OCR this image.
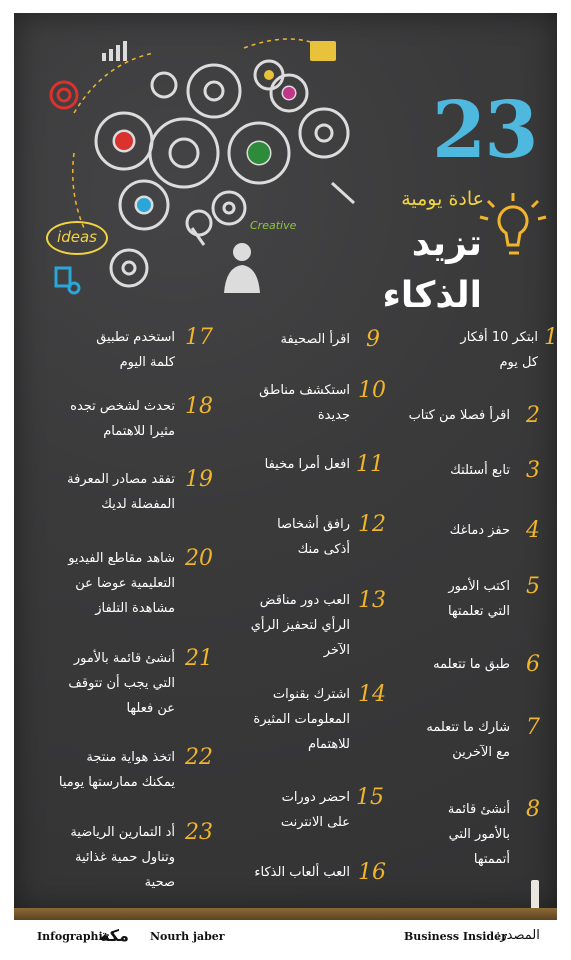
23
عادة يومية
تزيد الذكاء
ideas
Creative
1
ابتكر 10 أفكار
كل يوم
2
اقرأ فصلا من كتاب
3
تابع أسئلتك
4
حفز دماغك
5
اكتب الأمور
التي تعلمتها
6
طبق ما تتعلمه
7
شارك ما تتعلمه
مع الآخرين
8
أنشئ قائمة
بالأمور التي
أتممتها
9
اقرأ الصحيفة
10
استكشف مناطق
جديدة
11
افعل أمرا مخيفا
12
رافق أشخاصا
أذكى منك
13
العب دور مناقض
الرأي لتحفيز الرأي
الآخر
14
اشترك بقنوات
المعلومات المثيرة
للاهتمام
15
احضر دورات
على الانترنت
16
العب ألعاب الذكاء
17
استخدم تطبيق
كلمة اليوم
18
تحدث لشخص تجده
مثيرا للاهتمام
19
تفقد مصادر المعرفة
المفضلة لديك
20
شاهد مقاطع الفيديو
التعليمية عوضا عن
مشاهدة التلفاز
21
أنشئ قائمة بالأمور
التي يجب أن تتوقف
عن فعلها
22
اتخذ هواية منتجة
يمكنك ممارستها يوميا
23
أد التمارين الرياضية
وتناول حمية غذائية
صحية
Infographic
مكة Nourh jaber	Business Insider
المصدر:
